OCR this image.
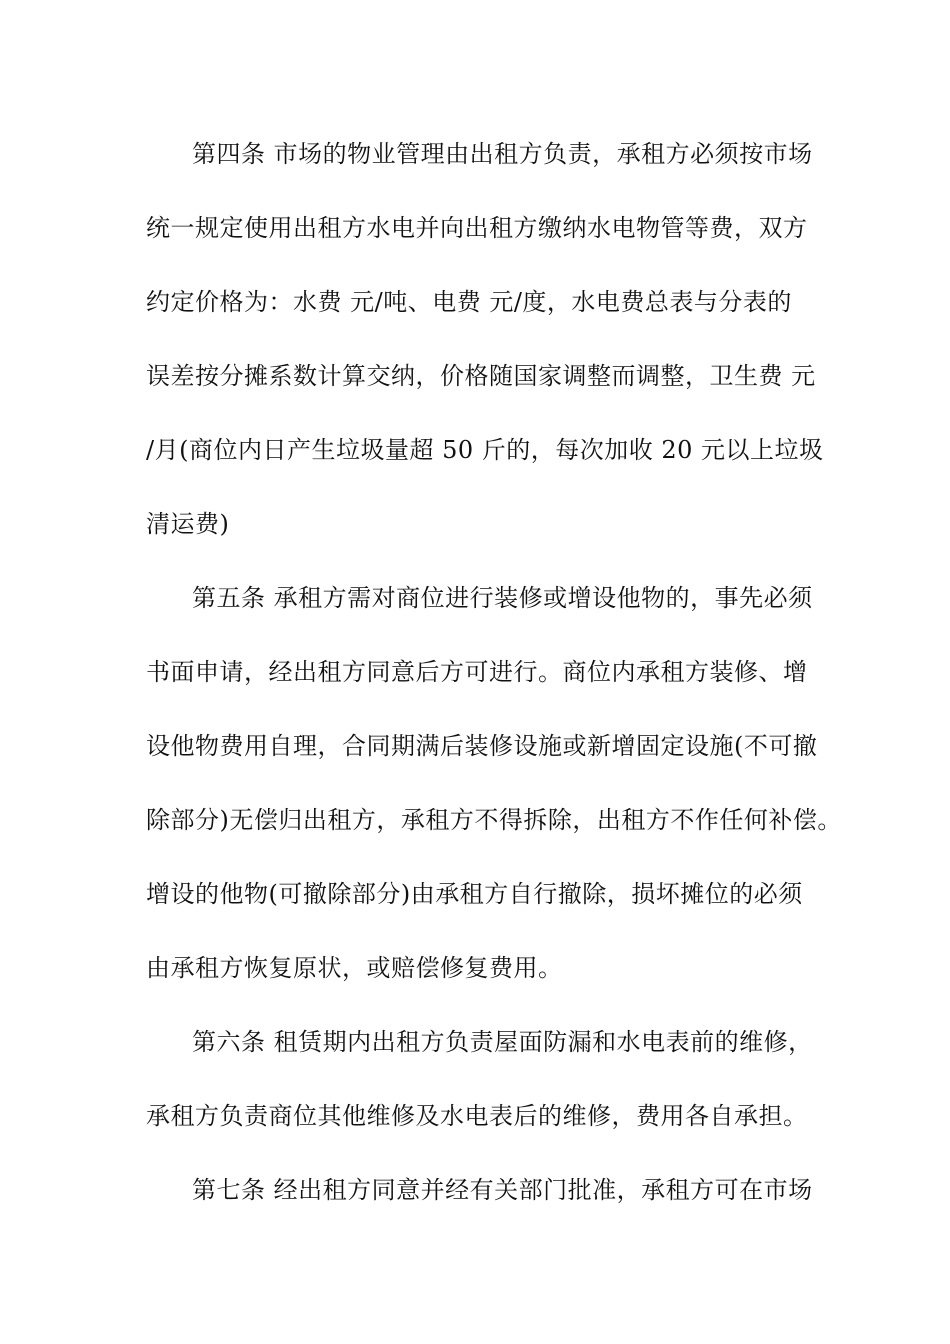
第四条 市场的物业管理由出租方负责，承租方必须按市场
统一规定使用出租方水电并向出租方缴纳水电物管等费，双方
约定价格为：水费 元/吨、电费 元/度，水电费总表与分表的
误差按分摊系数计算交纳，价格随国家调整而调整，卫生费 元
/月(商位内日产生垃圾量超 50 斤的，每次加收 20 元以上垃圾
清运费)
第五条 承租方需对商位进行装修或增设他物的，事先必须
书面申请，经出租方同意后方可进行。商位内承租方装修、增
设他物费用自理，合同期满后装修设施或新增固定设施(不可撤
除部分)无偿归出租方，承租方不得拆除，出租方不作任何补偿。
增设的他物(可撤除部分)由承租方自行撤除，损坏摊位的必须
由承租方恢复原状，或赔偿修复费用。
第六条 租赁期内出租方负责屋面防漏和水电表前的维修，
承租方负责商位其他维修及水电表后的维修，费用各自承担。
第七条 经出租方同意并经有关部门批准，承租方可在市场
